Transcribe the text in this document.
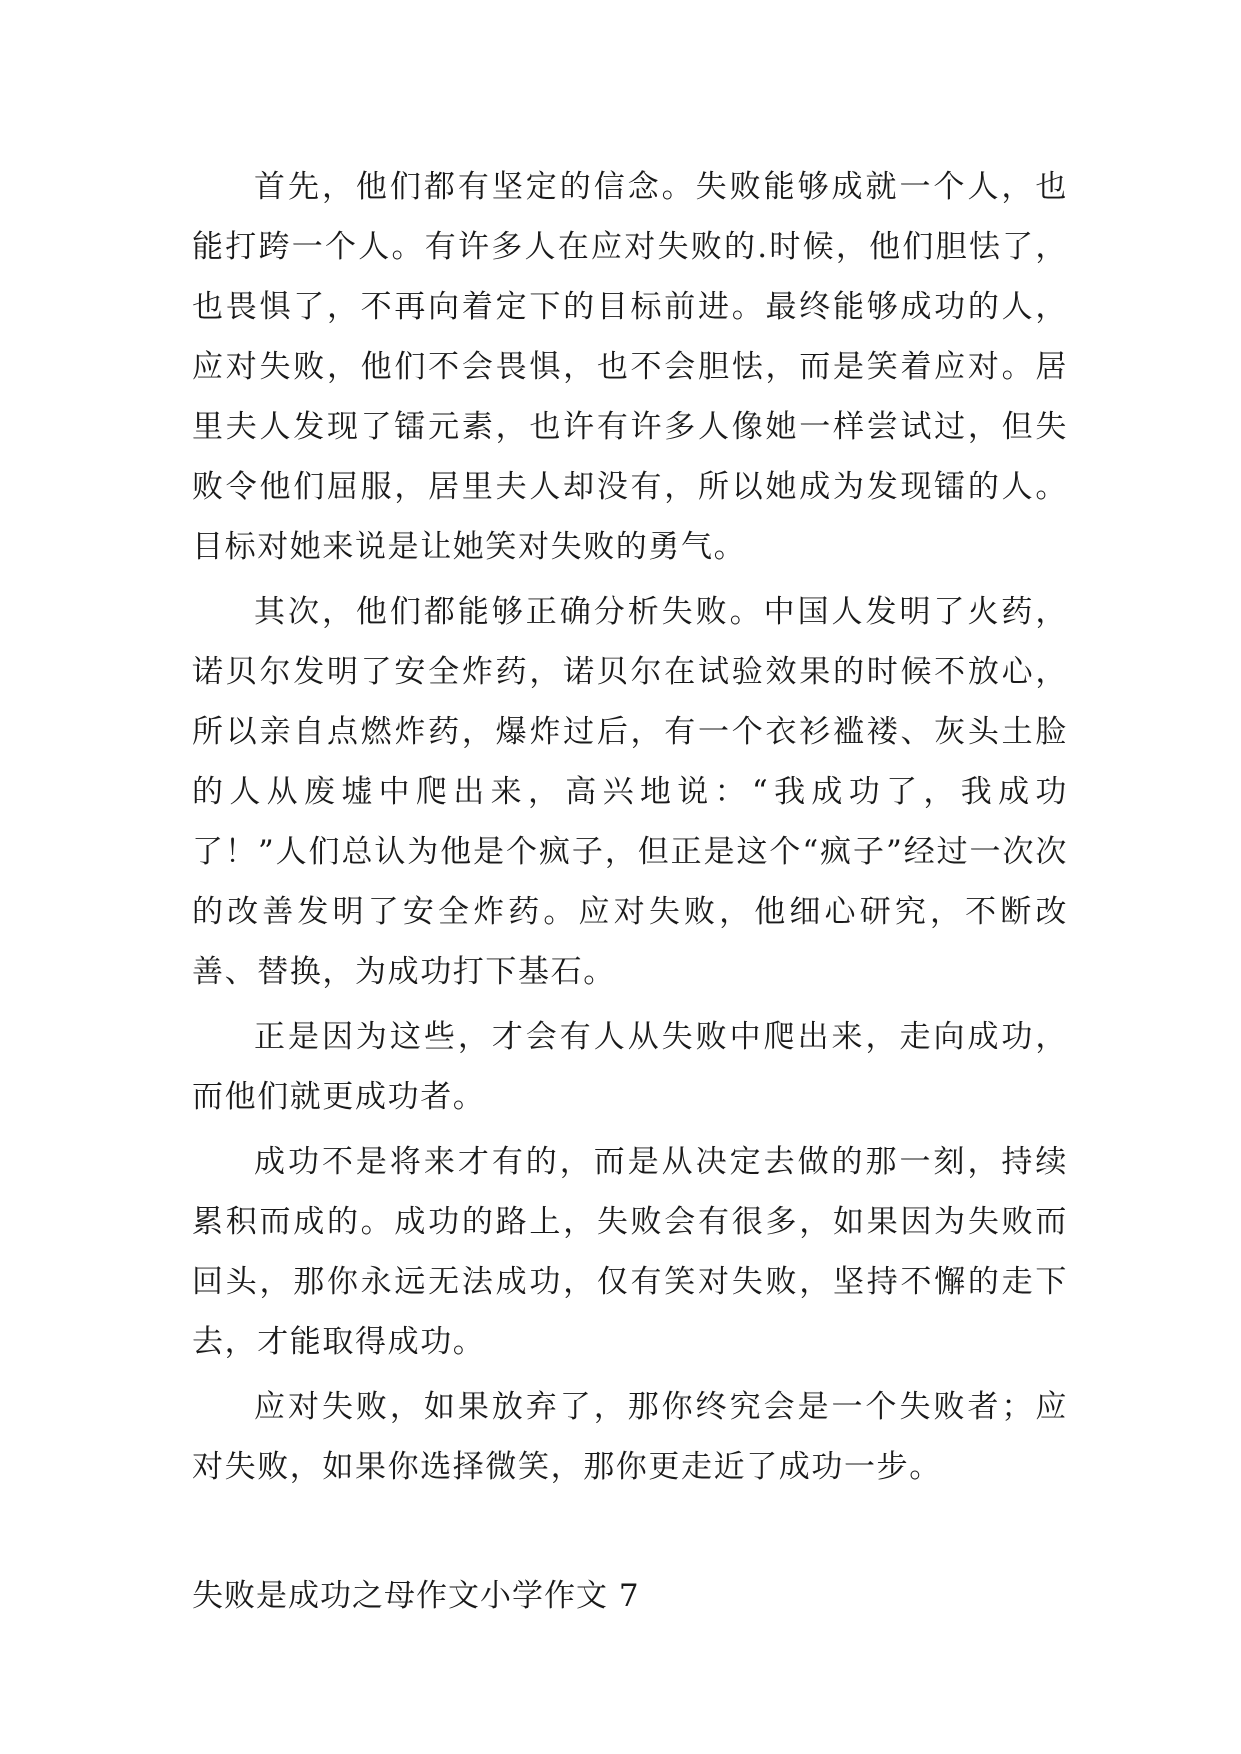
首先，他们都有坚定的信念。失败能够成就一个人，也能打跨一个人。有许多人在应对失败的.时候，他们胆怯了，也畏惧了，不再向着定下的目标前进。最终能够成功的人，应对失败，他们不会畏惧，也不会胆怯，而是笑着应对。居里夫人发现了镭元素，也许有许多人像她一样尝试过，但失败令他们屈服，居里夫人却没有，所以她成为发现镭的人。目标对她来说是让她笑对失败的勇气。

其次，他们都能够正确分析失败。中国人发明了火药，诺贝尔发明了安全炸药，诺贝尔在试验效果的时候不放心，所以亲自点燃炸药，爆炸过后，有一个衣衫褴褛、灰头土脸的人从废墟中爬出来，高兴地说：“我成功了，我成功了！”人们总认为他是个疯子，但正是这个“疯子”经过一次次的改善发明了安全炸药。应对失败，他细心研究，不断改善、替换，为成功打下基石。

正是因为这些，才会有人从失败中爬出来，走向成功，而他们就更成功者。

成功不是将来才有的，而是从决定去做的那一刻，持续累积而成的。成功的路上，失败会有很多，如果因为失败而回头，那你永远无法成功，仅有笑对失败，坚持不懈的走下去，才能取得成功。

应对失败，如果放弃了，那你终究会是一个失败者；应对失败，如果你选择微笑，那你更走近了成功一步。

失败是成功之母作文小学作文 7
